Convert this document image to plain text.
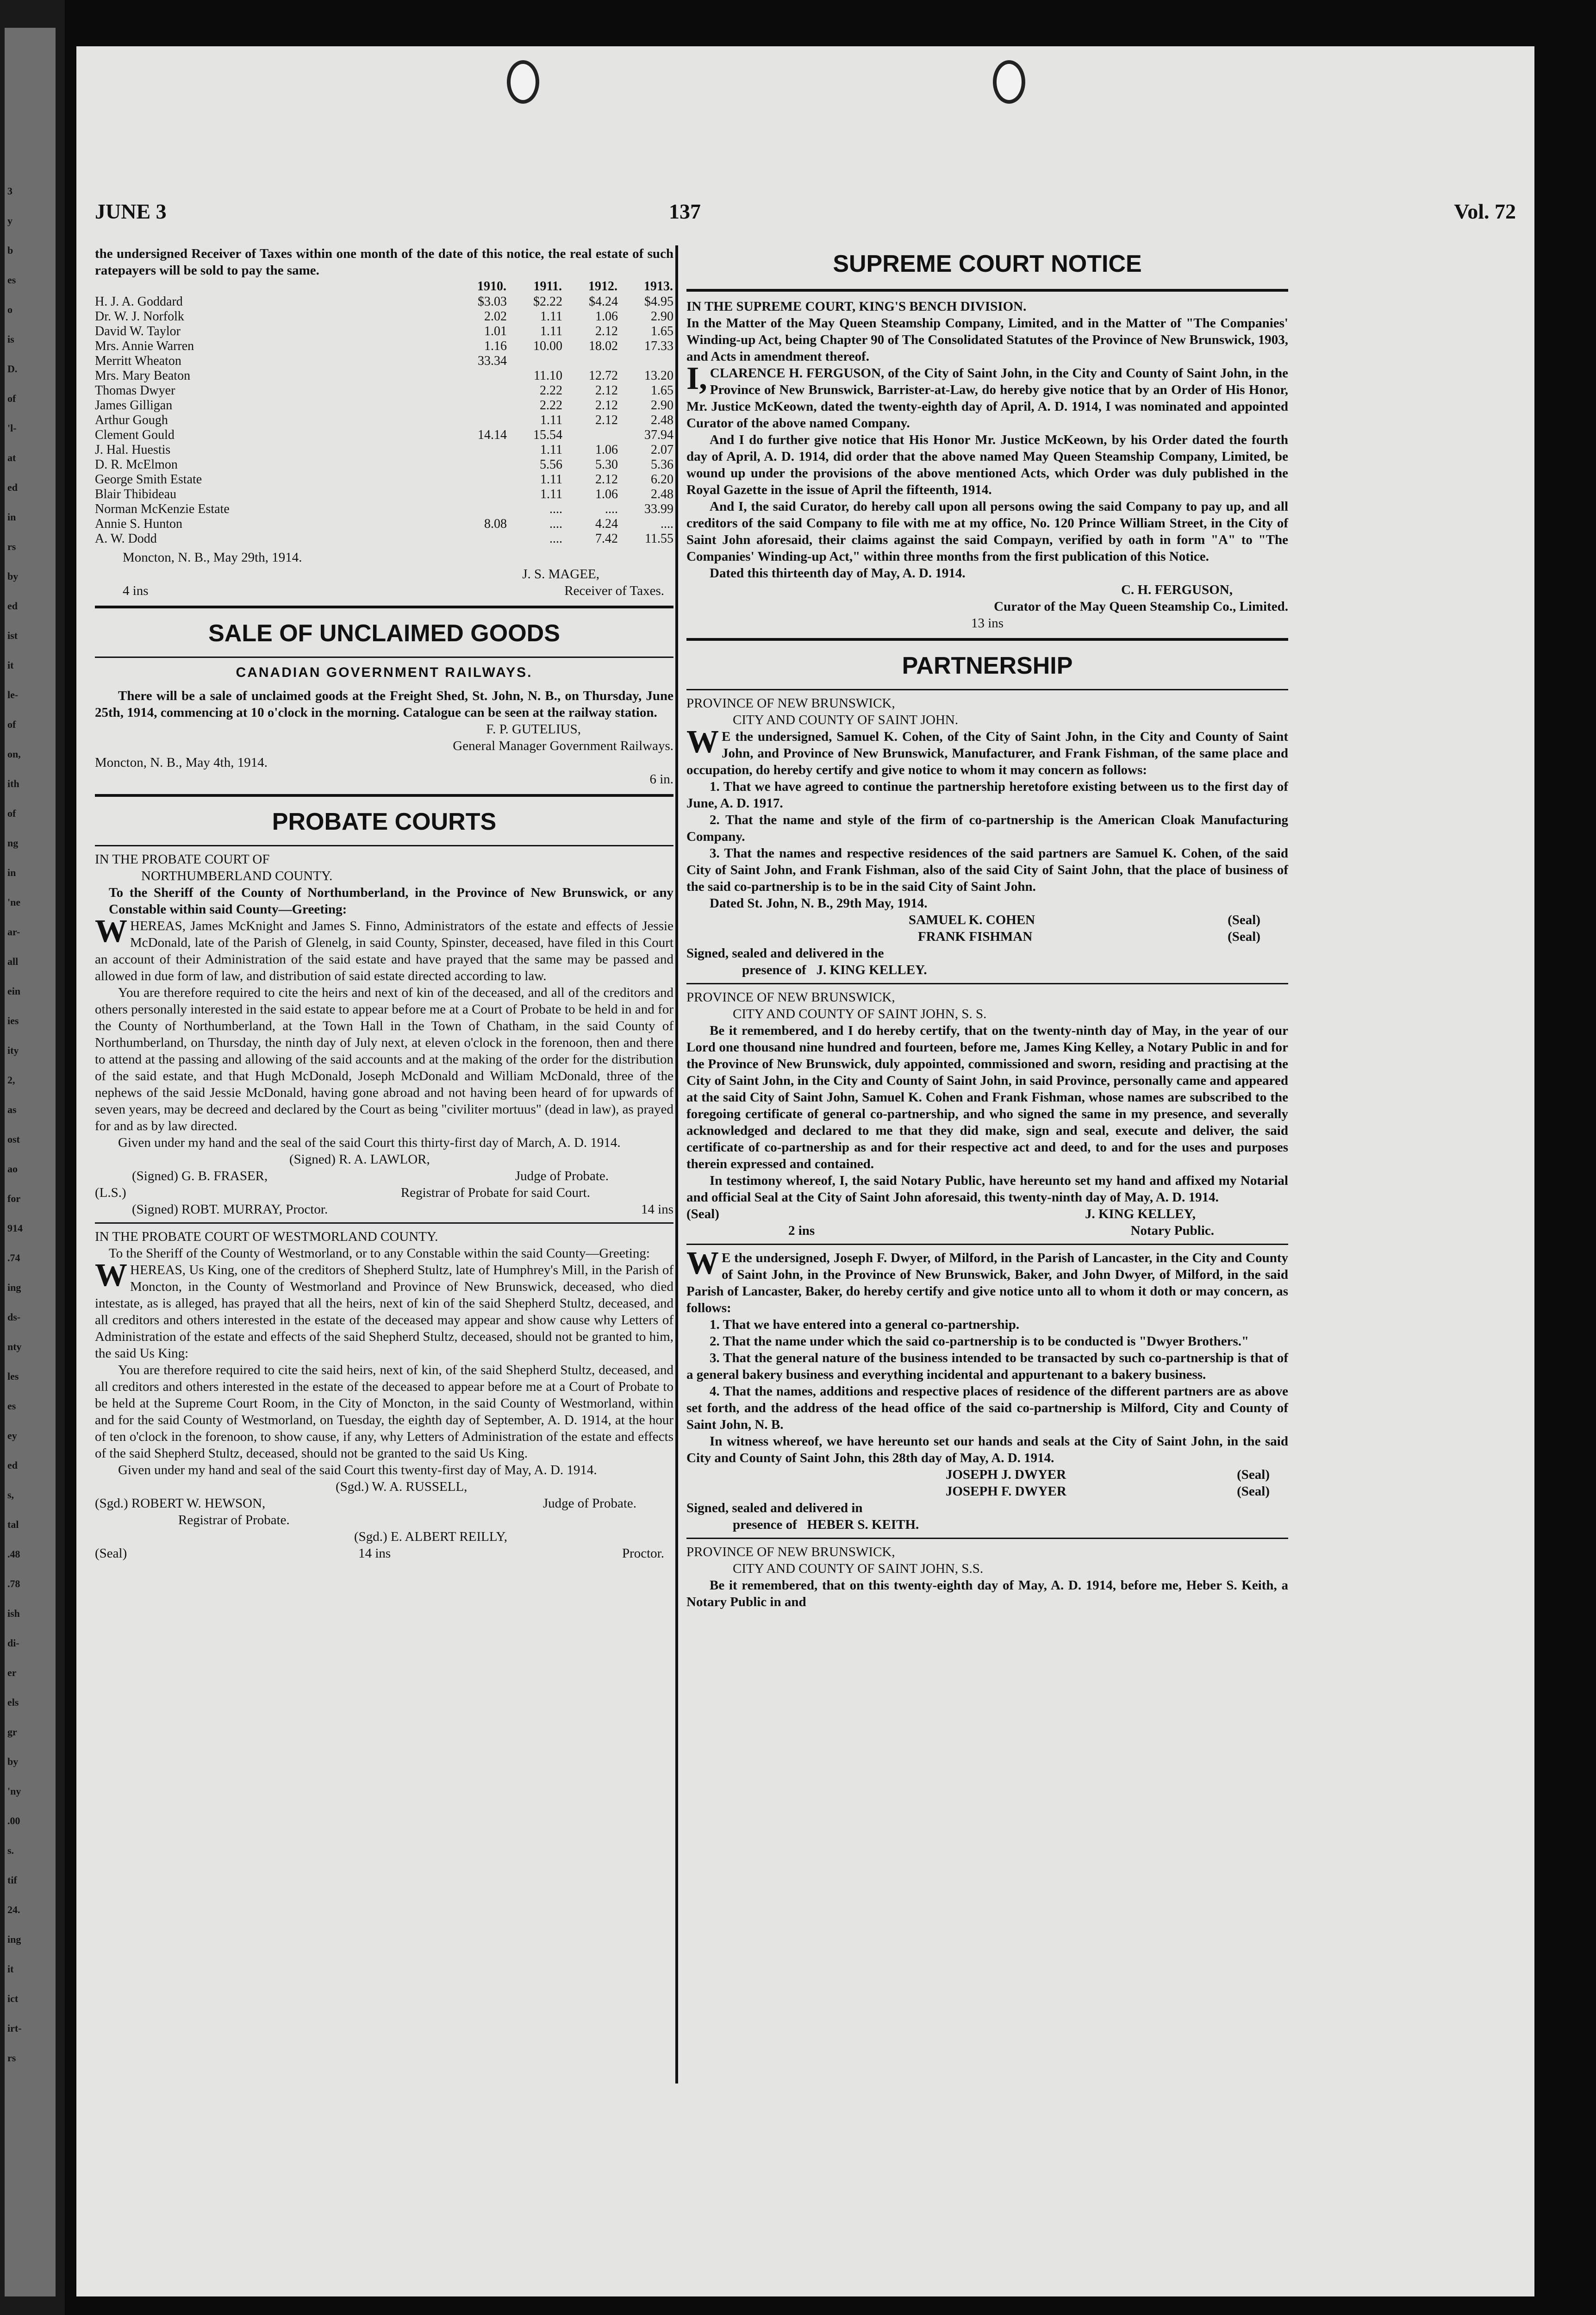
3
y
b
es
o
is
D.
of
'l-
at
ed
in
rs
by
ed
ist
it
le-
of
on,
ith
of
ng
in
'ne
ar-
all
ein
ies
ity
2,
as
ost
ao
for
914
.74
ing
ds-
nty
les
es
ey
ed
s,
tal
.48
.78
ish
di-
er
els
gr
by
'ny
.00
s.
tif
24.
ing
it
ict
irt-
rs
JUNE 3	137	Vol. 72

the undersigned Receiver of Taxes within one month of the date of this notice, the real estate of such ratepayers will be sold to pay the same.

	1910.	1911.	1912.	1913.
H. J. A. Goddard	$3.03	$2.22	$4.24	$4.95
Dr. W. J. Norfolk	2.02	1.11	1.06	2.90
David W. Taylor	1.01	1.11	2.12	1.65
Mrs. Annie Warren	1.16	10.00	18.02	17.33
Merritt Wheaton	33.34			
Mrs. Mary Beaton		11.10	12.72	13.20
Thomas Dwyer		2.22	2.12	1.65
James Gilligan		2.22	2.12	2.90
Arthur Gough		1.11	2.12	2.48
Clement Gould	14.14	15.54		37.94
J. Hal. Huestis		1.11	1.06	2.07
D. R. McElmon		5.56	5.30	5.36
George Smith Estate		1.11	2.12	6.20
Blair Thibideau		1.11	1.06	2.48
Norman McKenzie Estate		....	....	33.99
Annie S. Hunton	8.08	....	4.24	....
A. W. Dodd		....	7.42	11.55
Moncton, N. B., May 29th, 1914.
J. S. MAGEE,
4 ins	Receiver of Taxes.
SALE OF UNCLAIMED GOODS
CANADIAN GOVERNMENT RAILWAYS.

There will be a sale of unclaimed goods at the Freight Shed, St. John, N. B., on Thursday, June 25th, 1914, commencing at 10 o'clock in the morning. Catalogue can be seen at the railway station.

F. P. GUTELIUS,
General Manager Government Railways.
Moncton, N. B., May 4th, 1914.
6 in.
PROBATE COURTS
IN THE PROBATE COURT OF
NORTHUMBERLAND COUNTY.

To the Sheriff of the County of Northumberland, in the Province of New Brunswick, or any Constable within said County—Greeting:

WHEREAS, James McKnight and James S. Finno, Administrators of the estate and effects of Jessie McDonald, late of the Parish of Glenelg, in said County, Spinster, deceased, have filed in this Court an account of their Administration of the said estate and have prayed that the same may be passed and allowed in due form of law, and distribution of said estate directed according to law.

You are therefore required to cite the heirs and next of kin of the deceased, and all of the creditors and others personally interested in the said estate to appear before me at a Court of Probate to be held in and for the County of Northumberland, at the Town Hall in the Town of Chatham, in the said County of Northumberland, on Thursday, the ninth day of July next, at eleven o'clock in the forenoon, then and there to attend at the passing and allowing of the said accounts and at the making of the order for the distribution of the said estate, and that Hugh McDonald, Joseph McDonald and William McDonald, three of the nephews of the said Jessie McDonald, having gone abroad and not having been heard of for upwards of seven years, may be decreed and declared by the Court as being "civiliter mortuus" (dead in law), as prayed for and as by law directed.

Given under my hand and the seal of the said Court this thirty-first day of March, A. D. 1914.

(Signed) R. A. LAWLOR,
(Signed) G. B. FRASER,	Judge of Probate.
(L.S.)	Registrar of Probate for said Court.
(Signed) ROBT. MURRAY, Proctor.	14 ins
IN THE PROBATE COURT OF WESTMORLAND COUNTY.

To the Sheriff of the County of Westmorland, or to any Constable within the said County—Greeting:

WHEREAS, Us King, one of the creditors of Shepherd Stultz, late of Humphrey's Mill, in the Parish of Moncton, in the County of Westmorland and Province of New Brunswick, deceased, who died intestate, as is alleged, has prayed that all the heirs, next of kin of the said Shepherd Stultz, deceased, and all creditors and others interested in the estate of the deceased may appear and show cause why Letters of Administration of the estate and effects of the said Shepherd Stultz, deceased, should not be granted to him, the said Us King:

You are therefore required to cite the said heirs, next of kin, of the said Shepherd Stultz, deceased, and all creditors and others interested in the estate of the deceased to appear before me at a Court of Probate to be held at the Supreme Court Room, in the City of Moncton, in the said County of Westmorland, within and for the said County of Westmorland, on Tuesday, the eighth day of September, A. D. 1914, at the hour of ten o'clock in the forenoon, to show cause, if any, why Letters of Administration of the estate and effects of the said Shepherd Stultz, deceased, should not be granted to the said Us King.

Given under my hand and seal of the said Court this twenty-first day of May, A. D. 1914.

(Sgd.) W. A. RUSSELL,
(Sgd.) ROBERT W. HEWSON,	Judge of Probate.
Registrar of Probate.
(Sgd.) E. ALBERT REILLY,
(Seal)	14 ins	Proctor.
SUPREME COURT NOTICE
IN THE SUPREME COURT, KING'S BENCH DIVISION.

In the Matter of the May Queen Steamship Company, Limited, and in the Matter of "The Companies' Winding-up Act, being Chapter 90 of The Consolidated Statutes of the Province of New Brunswick, 1903, and Acts in amendment thereof.

I, CLARENCE H. FERGUSON, of the City of Saint John, in the City and County of Saint John, in the Province of New Brunswick, Barrister-at-Law, do hereby give notice that by an Order of His Honor, Mr. Justice McKeown, dated the twenty-eighth day of April, A. D. 1914, I was nominated and appointed Curator of the above named Company.

And I do further give notice that His Honor Mr. Justice McKeown, by his Order dated the fourth day of April, A. D. 1914, did order that the above named May Queen Steamship Company, Limited, be wound up under the provisions of the above mentioned Acts, which Order was duly published in the Royal Gazette in the issue of April the fifteenth, 1914.

And I, the said Curator, do hereby call upon all persons owing the said Company to pay up, and all creditors of the said Company to file with me at my office, No. 120 Prince William Street, in the City of Saint John aforesaid, their claims against the said Compayn, verified by oath in form "A" to "The Companies' Winding-up Act," within three months from the first publication of this Notice.

Dated this thirteenth day of May, A. D. 1914.
C. H. FERGUSON,
Curator of the May Queen Steamship Co., Limited.
13 ins
PARTNERSHIP
PROVINCE OF NEW BRUNSWICK,
CITY AND COUNTY OF SAINT JOHN.

W E the undersigned, Samuel K. Cohen, of the City of Saint John, in the City and County of Saint John, and Province of New Brunswick, Manufacturer, and Frank Fishman, of the same place and occupation, do hereby certify and give notice to whom it may concern as follows:

1. That we have agreed to continue the partnership heretofore existing between us to the first day of June, A. D. 1917.

2. That the name and style of the firm of co-partnership is the American Cloak Manufacturing Company.

3. That the names and respective residences of the said partners are Samuel K. Cohen, of the said City of Saint John, and Frank Fishman, also of the said City of Saint John, that the place of business of the said co-partnership is to be in the said City of Saint John.

Dated St. John, N. B., 29th May, 1914.
SAMUEL K. COHEN	(Seal)
FRANK FISHMAN	(Seal)
Signed, sealed and delivered in the
presence of J. KING KELLEY.
PROVINCE OF NEW BRUNSWICK,
CITY AND COUNTY OF SAINT JOHN, S. S.

Be it remembered, and I do hereby certify, that on the twenty-ninth day of May, in the year of our Lord one thousand nine hundred and fourteen, before me, James King Kelley, a Notary Public in and for the Province of New Brunswick, duly appointed, commissioned and sworn, residing and practising at the City of Saint John, in the City and County of Saint John, in said Province, personally came and appeared at the said City of Saint John, Samuel K. Cohen and Frank Fishman, whose names are subscribed to the foregoing certificate of general co-partnership, and who signed the same in my presence, and severally acknowledged and declared to me that they did make, sign and seal, execute and deliver, the said certificate of co-partnership as and for their respective act and deed, to and for the uses and purposes therein expressed and contained.

In testimony whereof, I, the said Notary Public, have hereunto set my hand and affixed my Notarial and official Seal at the City of Saint John aforesaid, this twenty-ninth day of May, A. D. 1914.

(Seal)	J. KING KELLEY,
2 ins	Notary Public.

W E the undersigned, Joseph F. Dwyer, of Milford, in the Parish of Lancaster, in the City and County of Saint John, in the Province of New Brunswick, Baker, and John Dwyer, of Milford, in the said Parish of Lancaster, Baker, do hereby certify and give notice unto all to whom it doth or may concern, as follows:

1. That we have entered into a general co-partnership.

2. That the name under which the said co-partnership is to be conducted is "Dwyer Brothers."

3. That the general nature of the business intended to be transacted by such co-partnership is that of a general bakery business and everything incidental and appurtenant to a bakery business.

4. That the names, additions and respective places of residence of the different partners are as above set forth, and the address of the head office of the said co-partnership is Milford, City and County of Saint John, N. B.

In witness whereof, we have hereunto set our hands and seals at the City of Saint John, in the said City and County of Saint John, this 28th day of May, A. D. 1914.

JOSEPH J. DWYER	(Seal)
JOSEPH F. DWYER	(Seal)
Signed, sealed and delivered in
presence of HEBER S. KEITH.
PROVINCE OF NEW BRUNSWICK,
CITY AND COUNTY OF SAINT JOHN, S.S.

Be it remembered, that on this twenty-eighth day of May, A. D. 1914, before me, Heber S. Keith, a Notary Public in and
